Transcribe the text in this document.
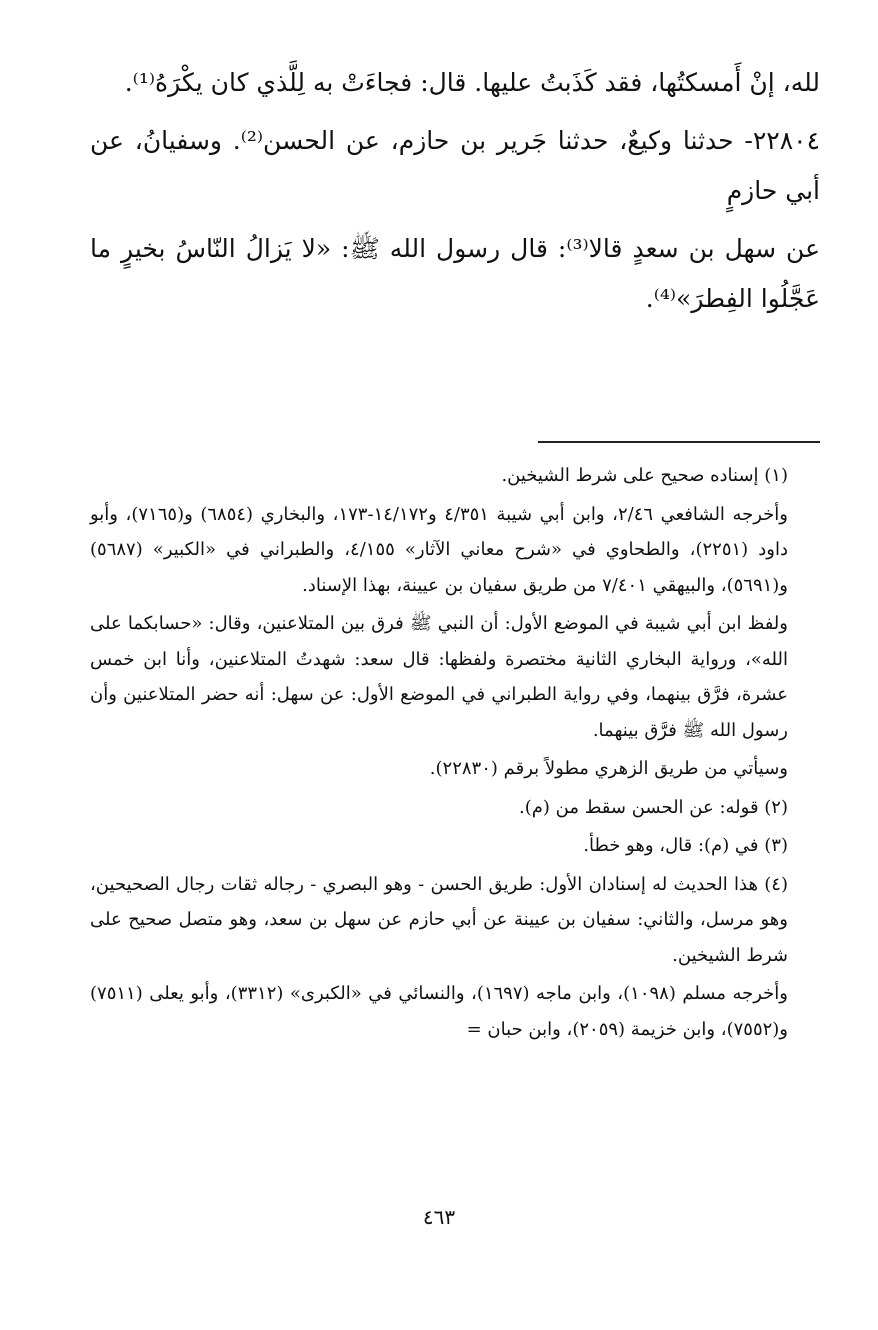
لله، إنْ أَمسكتُها، فقد كَذَبتُ عليها. قال: فجاءَتْ به لِلَّذي كان يكْرَهُ⁽¹⁾.

٢٢٨٠٤- حدثنا وكيعٌ، حدثنا جَرير بن حازم، عن الحسن⁽²⁾. وسفيانُ، عن أبي حازمٍ

عن سهل بن سعدٍ قالا⁽³⁾: قال رسول الله ﷺ: «لا يَزالُ النّاسُ بخيرٍ ما عَجَّلُوا الفِطرَ»⁽⁴⁾.

(١) إسناده صحيح على شرط الشيخين.

وأخرجه الشافعي ٢/٤٦، وابن أبي شيبة ٤/٣٥١ و١٤/١٧٢-١٧٣، والبخاري (٦٨٥٤) و(٧١٦٥)، وأبو داود (٢٢٥١)، والطحاوي في «شرح معاني الآثار» ٤/١٥٥، والطبراني في «الكبير» (٥٦٨٧) و(٥٦٩١)، والبيهقي ٧/٤٠١ من طريق سفيان بن عيينة، بهذا الإسناد.

ولفظ ابن أبي شيبة في الموضع الأول: أن النبي ﷺ فرق بين المتلاعنين، وقال: «حسابكما على الله»، ورواية البخاري الثانية مختصرة ولفظها: قال سعد: شهدتُ المتلاعنين، وأنا ابن خمس عشرة، فرَّق بينهما، وفي رواية الطبراني في الموضع الأول: عن سهل: أنه حضر المتلاعنين وأن رسول الله ﷺ فرَّق بينهما.

وسيأتي من طريق الزهري مطولاً برقم (٢٢٨٣٠).

(٢) قوله: عن الحسن سقط من (م).

(٣) في (م): قال، وهو خطأ.

(٤) هذا الحديث له إسنادان الأول: طريق الحسن - وهو البصري - رجاله ثقات رجال الصحيحين، وهو مرسل، والثاني: سفيان بن عيينة عن أبي حازم عن سهل بن سعد، وهو متصل صحيح على شرط الشيخين.

وأخرجه مسلم (١٠٩٨)، وابن ماجه (١٦٩٧)، والنسائي في «الكبرى» (٣٣١٢)، وأبو يعلى (٧٥١١) و(٧٥٥٢)، وابن خزيمة (٢٠٥٩)، وابن حبان =

٤٦٣
